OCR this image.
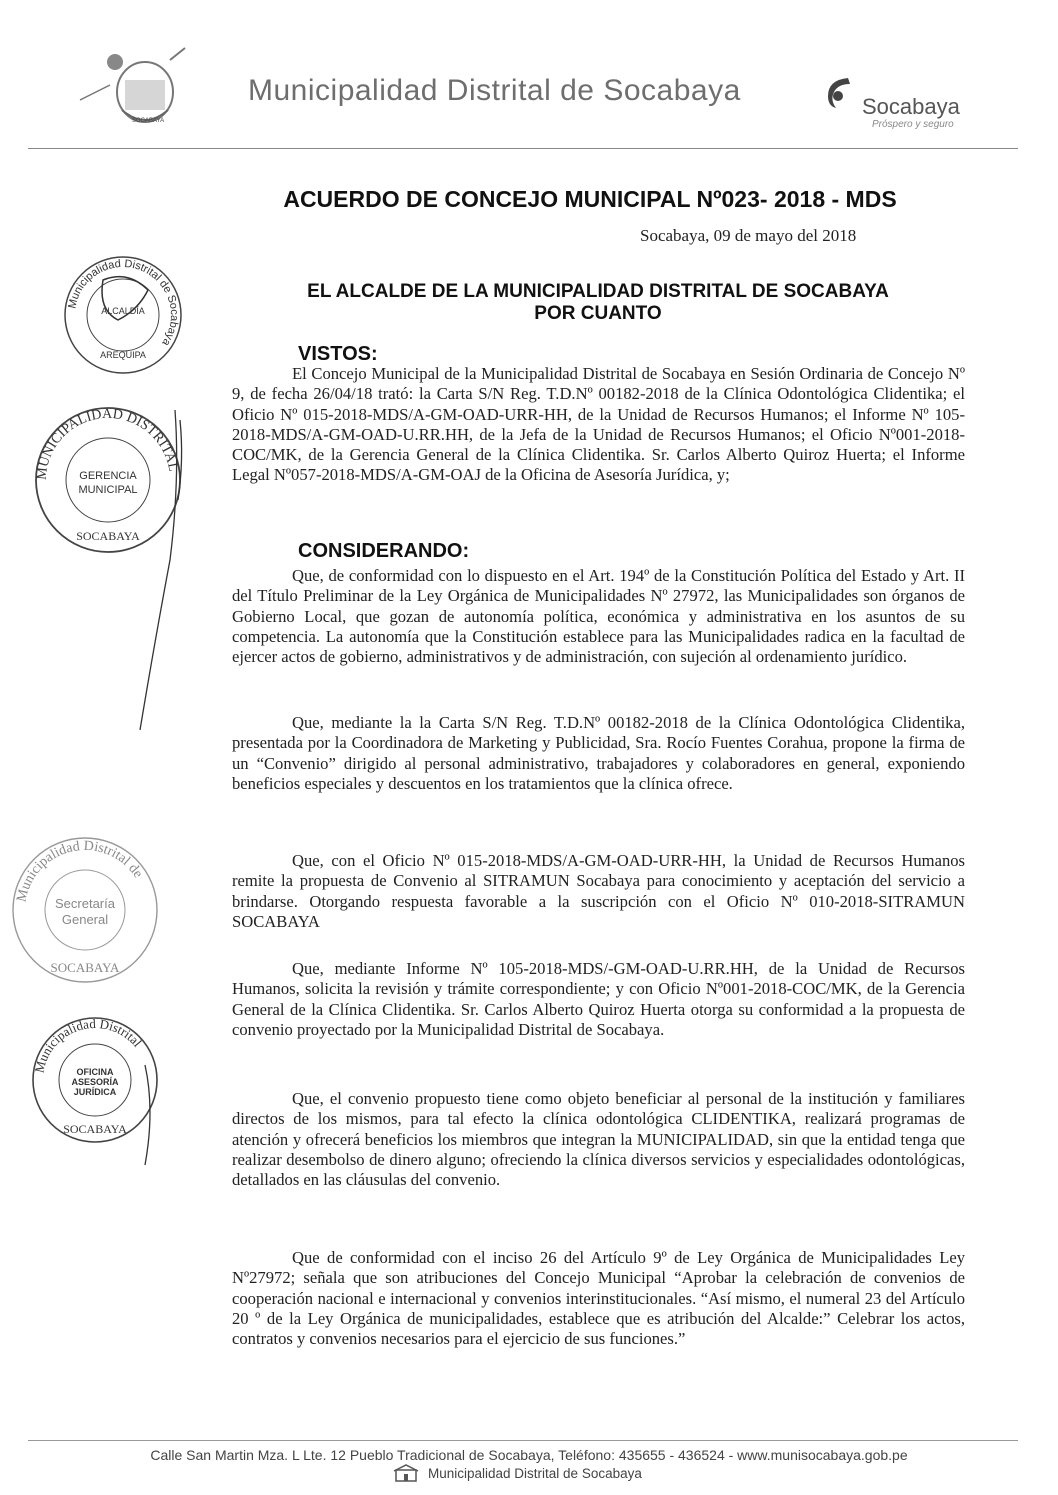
SOCABAYA
Municipalidad Distrital de Socabaya	Socabaya
Próspero y seguro
ACUERDO DE CONCEJO MUNICIPAL Nº023- 2018 - MDS
Socabaya, 09 de mayo del 2018
EL ALCALDE DE LA MUNICIPALIDAD DISTRITAL DE SOCABAYA
POR CUANTO
VISTOS:
El Concejo Municipal de la Municipalidad Distrital de Socabaya en Sesión Ordinaria de Concejo Nº 9, de fecha 26/04/18 trató: la Carta S/N Reg. T.D.Nº 00182-2018 de la Clínica Odontológica Clidentika; el Oficio Nº 015-2018-MDS/A-GM-OAD-URR-HH, de la Unidad de Recursos Humanos; el Informe Nº 105-2018-MDS/A-GM-OAD-U.RR.HH, de la Jefa de la Unidad de Recursos Humanos; el Oficio Nº001-2018-COC/MK, de la Gerencia General de la Clínica Clidentika. Sr. Carlos Alberto Quiroz Huerta; el Informe Legal Nº057-2018-MDS/A-GM-OAJ de la Oficina de Asesoría Jurídica, y;
CONSIDERANDO:
Que, de conformidad con lo dispuesto en el Art. 194º de la Constitución Política del Estado y Art. II del Título Preliminar de la Ley Orgánica de Municipalidades Nº 27972, las Municipalidades son órganos de Gobierno Local, que gozan de autonomía política, económica y administrativa en los asuntos de su competencia. La autonomía que la Constitución establece para las Municipalidades radica en la facultad de ejercer actos de gobierno, administrativos y de administración, con sujeción al ordenamiento jurídico.
Que, mediante la la Carta S/N Reg. T.D.Nº 00182-2018 de la Clínica Odontológica Clidentika, presentada por la Coordinadora de Marketing y Publicidad, Sra. Rocío Fuentes Corahua, propone la firma de un “Convenio” dirigido al personal administrativo, trabajadores y colaboradores en general, exponiendo beneficios especiales y descuentos en los tratamientos que la clínica ofrece.
Que, con el Oficio Nº 015-2018-MDS/A-GM-OAD-URR-HH, la Unidad de Recursos Humanos remite la propuesta de Convenio al SITRAMUN Socabaya para conocimiento y aceptación del servicio a brindarse. Otorgando respuesta favorable a la suscripción con el Oficio Nº 010-2018-SITRAMUN SOCABAYA
Que, mediante Informe Nº 105-2018-MDS/-GM-OAD-U.RR.HH, de la Unidad de Recursos Humanos, solicita la revisión y trámite correspondiente; y con Oficio Nº001-2018-COC/MK, de la Gerencia General de la Clínica Clidentika. Sr. Carlos Alberto Quiroz Huerta otorga su conformidad a la propuesta de convenio proyectado por la Municipalidad Distrital de Socabaya.
Que, el convenio propuesto tiene como objeto beneficiar al personal de la institución y familiares directos de los mismos, para tal efecto la clínica odontológica CLIDENTIKA, realizará programas de atención y ofrecerá beneficios los miembros que integran la MUNICIPALIDAD, sin que la entidad tenga que realizar desembolso de dinero alguno; ofreciendo la clínica diversos servicios y especialidades odontológicas, detallados en las cláusulas del convenio.
Que de conformidad con el inciso 26 del Artículo 9º de Ley Orgánica de Municipalidades Ley Nº27972; señala que son atribuciones del Concejo Municipal “Aprobar la celebración de convenios de cooperación nacional e internacional y convenios interinstitucionales. “Así mismo, el numeral 23 del Artículo 20 º de la Ley Orgánica de municipalidades, establece que es atribución del Alcalde:” Celebrar los actos, contratos y convenios necesarios para el ejercicio de sus funciones.”
Municipalidad Distrital de Socabaya
ALCALDÍA
AREQUIPA
MUNICIPALIDAD DISTRITAL
GERENCIA
MUNICIPAL
SOCABAYA
Municipalidad Distrital de
Secretaría
General
SOCABAYA
Municipalidad Distrital
OFICINA
ASESORÍA
JURÍDICA
SOCABAYA
Calle San Martin Mza. L Lte. 12 Pueblo Tradicional de Socabaya, Teléfono: 435655 - 436524 - www.munisocabaya.gob.pe
Municipalidad Distrital de Socabaya
